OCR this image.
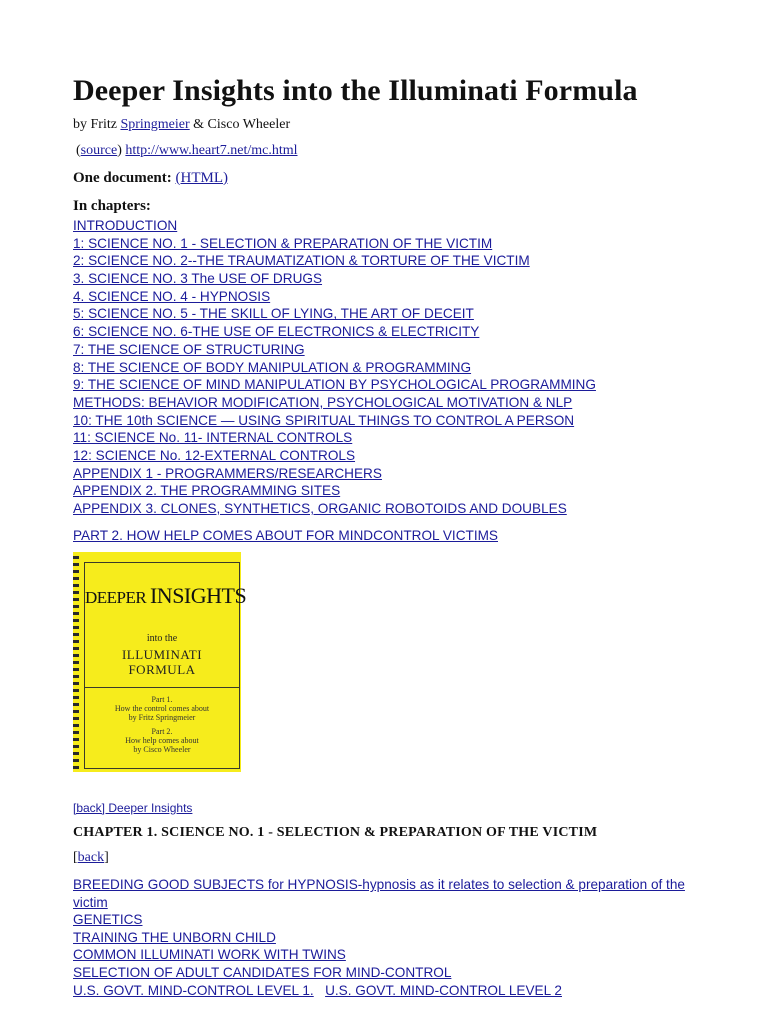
Deeper Insights into the Illuminati Formula
by Fritz Springmeier & Cisco Wheeler
(source) http://www.heart7.net/mc.html
One document: (HTML)
In chapters:
INTRODUCTION
1: SCIENCE NO. 1 - SELECTION & PREPARATION OF THE VICTIM
2: SCIENCE NO. 2--THE TRAUMATIZATION & TORTURE OF THE VICTIM
3. SCIENCE NO. 3 The USE OF DRUGS
4. SCIENCE NO. 4 - HYPNOSIS
5: SCIENCE NO. 5 - THE SKILL OF LYING, THE ART OF DECEIT
6: SCIENCE NO. 6-THE USE OF ELECTRONICS & ELECTRICITY
7: THE SCIENCE OF STRUCTURING
8: THE SCIENCE OF BODY MANIPULATION & PROGRAMMING
9: THE SCIENCE OF MIND MANIPULATION BY PSYCHOLOGICAL PROGRAMMING
METHODS: BEHAVIOR MODIFICATION, PSYCHOLOGICAL MOTIVATION & NLP
10: THE 10th SCIENCE — USING SPIRITUAL THINGS TO CONTROL A PERSON
11: SCIENCE No. 11- INTERNAL CONTROLS
12: SCIENCE No. 12-EXTERNAL CONTROLS
APPENDIX 1 - PROGRAMMERS/RESEARCHERS
APPENDIX 2. THE PROGRAMMING SITES
APPENDIX 3. CLONES, SYNTHETICS, ORGANIC ROBOTOIDS AND DOUBLES
PART 2. HOW HELP COMES ABOUT FOR MINDCONTROL VICTIMS
DEEPER INSIGHTS
into the
ILLUMINATI
FORMULA
Part 1.
How the control comes about
by Fritz Springmeier
Part 2.
How help comes about
by Cisco Wheeler
[back] Deeper Insights
CHAPTER 1. SCIENCE NO. 1 - SELECTION & PREPARATION OF THE VICTIM
[back]
BREEDING GOOD SUBJECTS for HYPNOSIS-hypnosis as it relates to selection & preparation of the victim
GENETICS
TRAINING THE UNBORN CHILD
COMMON ILLUMINATI WORK WITH TWINS
SELECTION OF ADULT CANDIDATES FOR MIND-CONTROL
U.S. GOVT. MIND-CONTROL LEVEL 1. U.S. GOVT. MIND-CONTROL LEVEL 2
